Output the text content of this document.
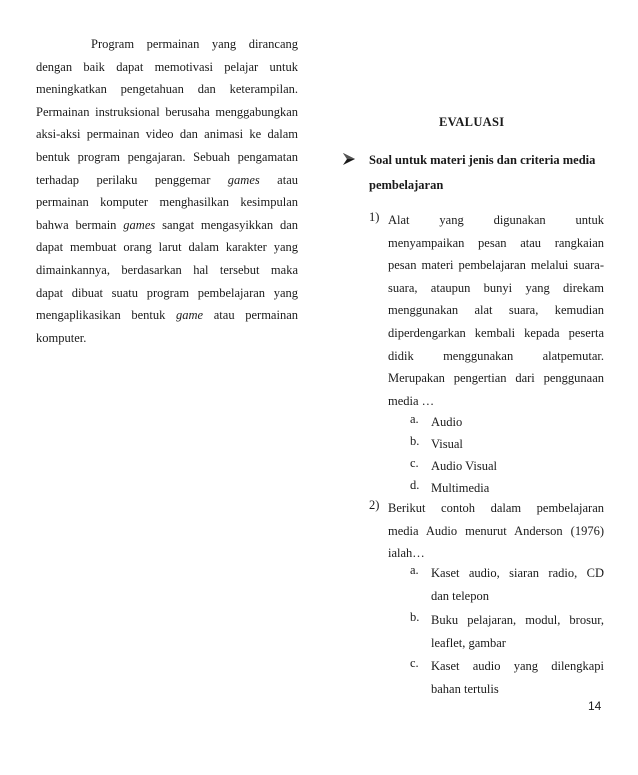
Program permainan yang dirancang
dengan baik dapat memotivasi pelajar untuk
meningkatkan pengetahuan dan keterampilan.
Permainan instruksional berusaha menggabungkan
aksi-aksi permainan video dan animasi ke dalam
bentuk program pengajaran. Sebuah pengamatan
terhadap perilaku penggemar games atau
permainan komputer menghasilkan kesimpulan
bahwa bermain games sangat mengasyikkan dan
dapat membuat orang larut dalam karakter yang
dimainkannya, berdasarkan hal tersebut maka
dapat dibuat suatu program pembelajaran yang
mengaplikasikan bentuk game atau permainan
komputer.
EVALUASI
Soal untuk materi jenis dan criteria media
pembelajaran
1) Alat yang digunakan untuk
menyampaikan pesan atau rangkaian
pesan materi pembelajaran melalui suara-
suara, ataupun bunyi yang direkam
menggunakan alat suara, kemudian
diperdengarkan kembali kepada peserta
didik menggunakan alatpemutar.
Merupakan pengertian dari penggunaan
media …
a. Audio
b. Visual
c. Audio Visual
d. Multimedia
2) Berikut contoh dalam pembelajaran
media Audio menurut Anderson (1976)
ialah…
a. Kaset audio, siaran radio, CD
dan telepon
b. Buku pelajaran, modul, brosur,
leaflet, gambar
c. Kaset audio yang dilengkapi
bahan tertulis
14
